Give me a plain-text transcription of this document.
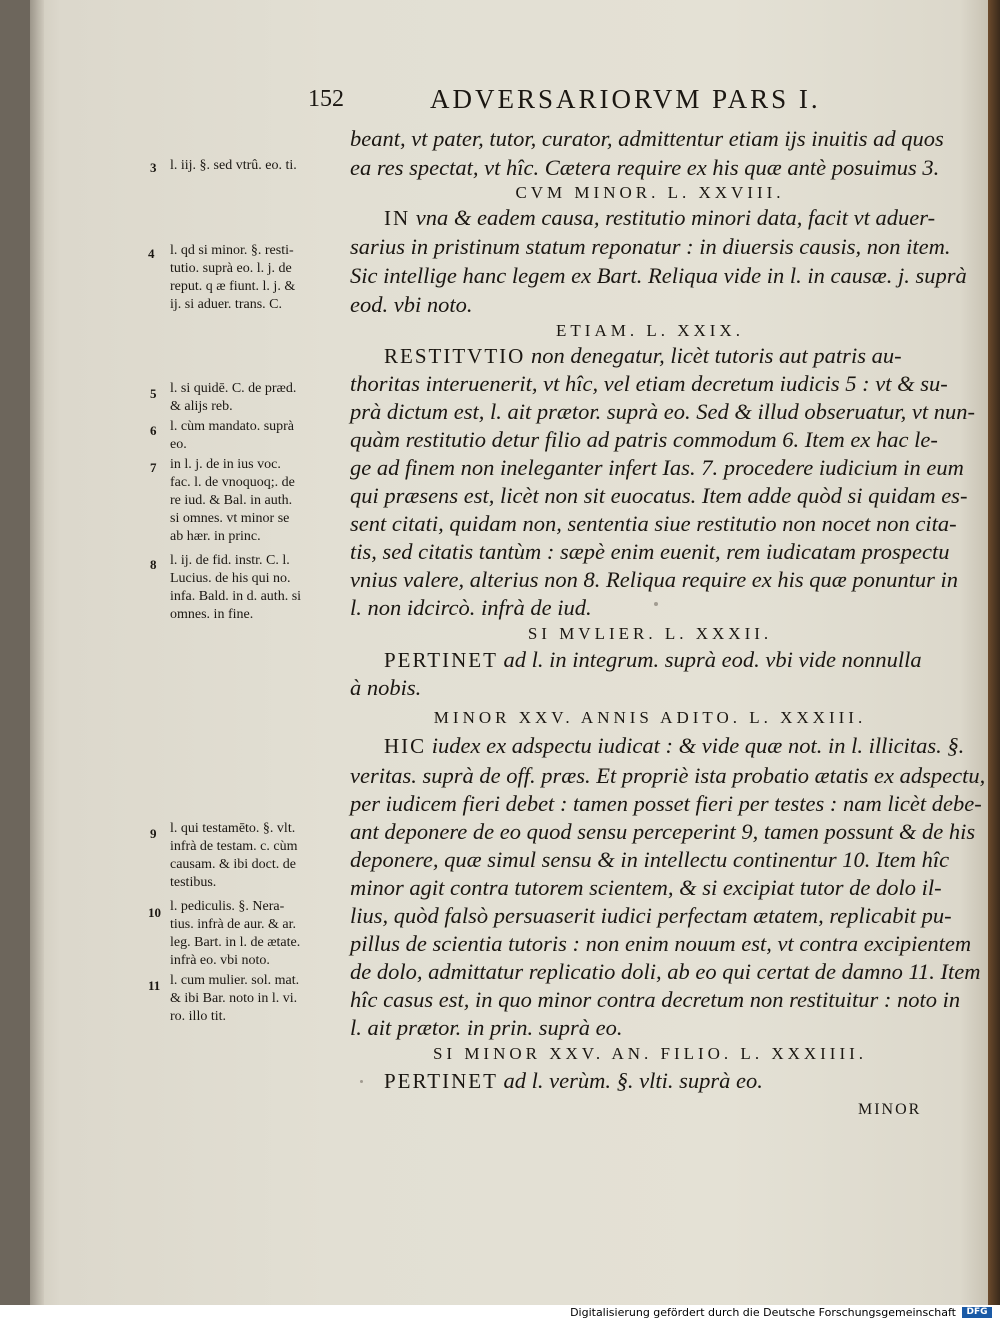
152	ADVERSARIORVM PARS I.
beant, vt pater, tutor, curator, admittentur etiam ijs inuitis ad quos
ea res spectat, vt hîc. Cætera require ex his quæ antè posuimus 3.
CVM MINOR. L. XXVIII.
IN vna & eadem causa, restitutio minori data, facit vt aduer-
sarius in pristinum statum reponatur : in diuersis causis, non item.
Sic intellige hanc legem ex Bart. Reliqua vide in l. in causæ. j. suprà
eod. vbi noto.
ETIAM. L. XXIX.
RESTITVTIO non denegatur, licèt tutoris aut patris au-
thoritas interuenerit, vt hîc, vel etiam decretum iudicis 5 : vt & su-
prà dictum est, l. ait prætor. suprà eo. Sed & illud obseruatur, vt nun-
quàm restitutio detur filio ad patris commodum 6. Item ex hac le-
ge ad finem non ineleganter infert Ias. 7. procedere iudicium in eum
qui præsens est, licèt non sit euocatus. Item adde quòd si quidam es-
sent citati, quidam non, sententia siue restitutio non nocet non cita-
tis, sed citatis tantùm : sæpè enim euenit, rem iudicatam prospectu
vnius valere, alterius non 8. Reliqua require ex his quæ ponuntur in
l. non idcircò. infrà de iud.
SI MVLIER. L. XXXII.
PERTINET ad l. in integrum. suprà eod. vbi vide nonnulla
à nobis.
MINOR XXV. ANNIS ADITO. L. XXXIII.
HIC iudex ex adspectu iudicat : & vide quæ not. in l. illicitas. §.
veritas. suprà de off. præs. Et propriè ista probatio ætatis ex adspectu,
per iudicem fieri debet : tamen posset fieri per testes : nam licèt debe-
ant deponere de eo quod sensu perceperint 9, tamen possunt & de his
deponere, quæ simul sensu & in intellectu continentur 10. Item hîc
minor agit contra tutorem scientem, & si excipiat tutor de dolo il-
lius, quòd falsò persuaserit iudici perfectam ætatem, replicabit pu-
pillus de scientia tutoris : non enim nouum est, vt contra excipientem
de dolo, admittatur replicatio doli, ab eo qui certat de damno 11. Item
hîc casus est, in quo minor contra decretum non restituitur : noto in
l. ait prætor. in prin. suprà eo.
SI MINOR XXV. AN. FILIO. L. XXXIIII.
PERTINET ad l. verùm. §. vlti. suprà eo.
MINOR
3 l. iij. §. sed vtrû. eo. ti.
4 l. qd si minor. §. resti-
tutio. suprà eo. l. j. de
reput. q æ fiunt. l. j. &
ij. si aduer. trans. C.
5 l. si quidē. C. de præd.
& alijs reb.
6 l. cùm mandato. suprà
eo.
7 in l. j. de in ius voc.
fac. l. de vnoquoq;. de
re iud. & Bal. in auth.
si omnes. vt minor se
ab hær. in princ.
8 l. ij. de fid. instr. C. l.
Lucius. de his qui no.
infa. Bald. in d. auth. si
omnes. in fine.
9 l. qui testamēto. §. vlt.
infrà de testam. c. cùm
causam. & ibi doct. de
testibus.
10 l. pediculis. §. Nera-
tius. infrà de aur. & ar.
leg. Bart. in l. de ætate.
infrà eo. vbi noto.
11 l. cum mulier. sol. mat.
& ibi Bar. noto in l. vi.
ro. illo tit.
Digitalisierung gefördert durch die Deutsche Forschungsgemeinschaft	DFG
